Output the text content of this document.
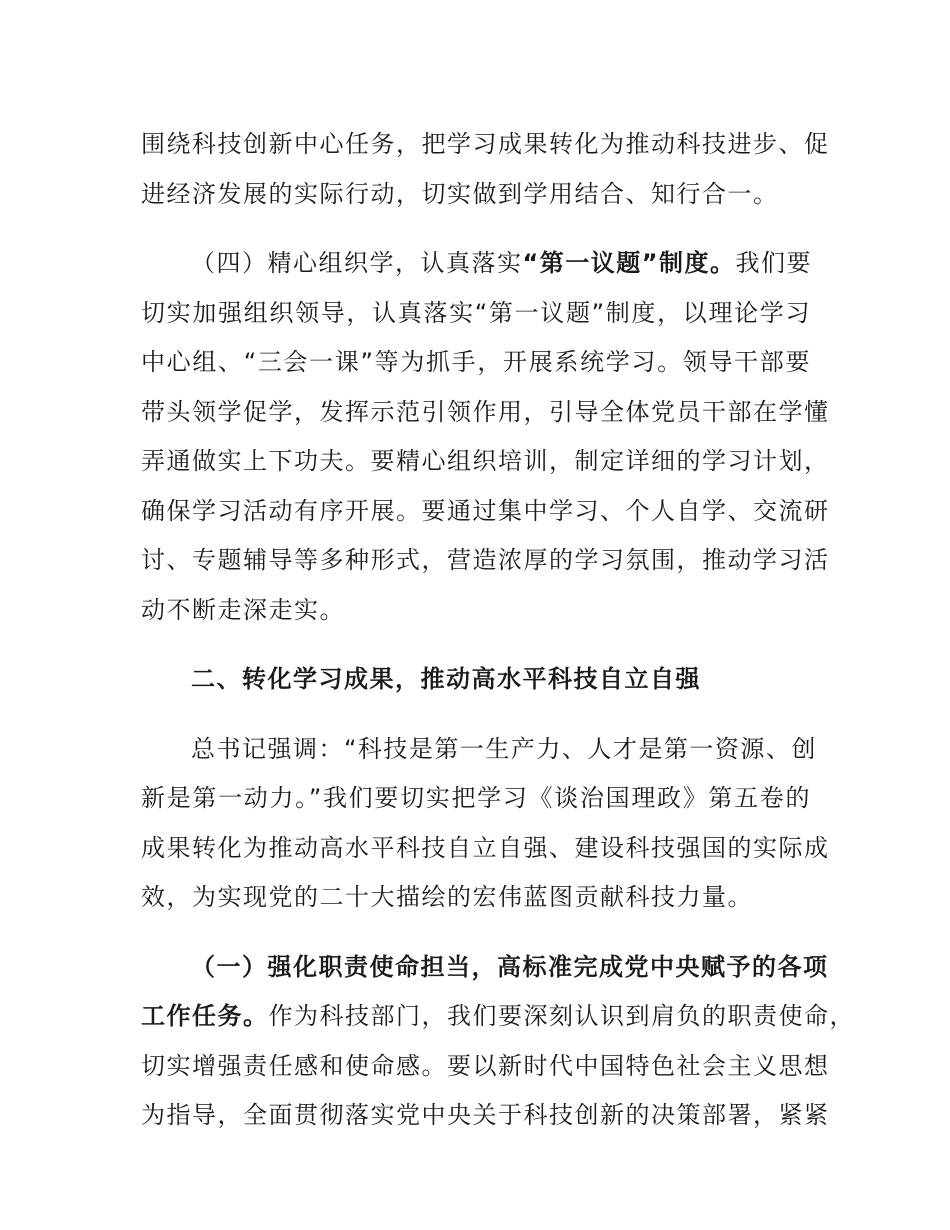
围绕科技创新中心任务，把学习成果转化为推动科技进步、促
进经济发展的实际行动，切实做到学用结合、知行合一。
（四）精心组织学，认真落实“第一议题”制度。我们要
切实加强组织领导，认真落实“第一议题”制度，以理论学习
中心组、“三会一课”等为抓手，开展系统学习。领导干部要
带头领学促学，发挥示范引领作用，引导全体党员干部在学懂
弄通做实上下功夫。要精心组织培训，制定详细的学习计划，
确保学习活动有序开展。要通过集中学习、个人自学、交流研
讨、专题辅导等多种形式，营造浓厚的学习氛围，推动学习活
动不断走深走实。
二、转化学习成果，推动高水平科技自立自强
总书记强调：“科技是第一生产力、人才是第一资源、创
新是第一动力。”我们要切实把学习《谈治国理政》第五卷的
成果转化为推动高水平科技自立自强、建设科技强国的实际成
效，为实现党的二十大描绘的宏伟蓝图贡献科技力量。
（一）强化职责使命担当，高标准完成党中央赋予的各项
工作任务。作为科技部门，我们要深刻认识到肩负的职责使命，
切实增强责任感和使命感。要以新时代中国特色社会主义思想
为指导，全面贯彻落实党中央关于科技创新的决策部署，紧紧
